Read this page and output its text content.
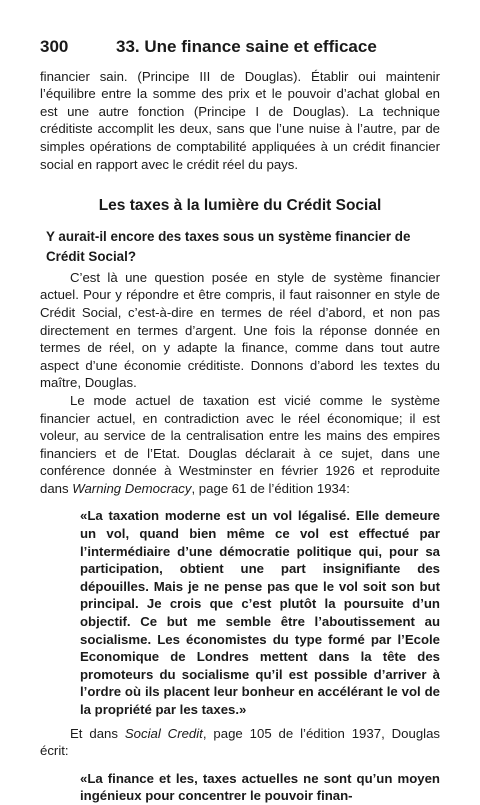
300	33. Une finance saine et efficace

financier sain. (Principe III de Douglas). Établir oui maintenir l’équilibre entre la somme des prix et le pouvoir d’achat global en est une autre fonction (Principe I de Douglas). La technique créditiste accomplit les deux, sans que l’une nuise à l’autre, par de simples opérations de comptabilité appliquées à un crédit financier social en rapport avec le crédit réel du pays.

Les taxes à la lumière du Crédit Social
Y aurait-il encore des taxes sous un système financier de Crédit Social?

C’est là une question posée en style de système financier actuel. Pour y répondre et être compris, il faut raisonner en style de Crédit Social, c’est-à-dire en termes de réel d’abord, et non pas directement en termes d’argent. Une fois la réponse donnée en termes de réel, on y adapte la finance, comme dans tout autre aspect d’une économie créditiste. Donnons d’abord les textes du maître, Douglas.

Le mode actuel de taxation est vicié comme le système financier actuel, en contradiction avec le réel économique; il est voleur, au service de la centralisation entre les mains des empires financiers et de l’Etat. Douglas déclarait à ce sujet, dans une conférence donnée à Westminster en février 1926 et reproduite dans Warning Democracy, page 61 de l’édition 1934:

«La taxation moderne est un vol légalisé. Elle demeure un vol, quand bien même ce vol est effectué par l’intermédiaire d’une démocratie politique qui, pour sa participation, obtient une part insignifiante des dépouilles. Mais je ne pense pas que le vol soit son but principal. Je crois que c’est plutôt la poursuite d’un objectif. Ce but me semble être l’aboutissement au socialisme. Les économistes du type formé par l’Ecole Economique de Londres mettent dans la tête des promoteurs du socialisme qu’il est possible d’arriver à l’ordre où ils placent leur bonheur en accélérant le vol de la propriété par les taxes.»

Et dans Social Credit, page 105 de l’édition 1937, Douglas écrit:

«La finance et les, taxes actuelles ne sont qu’un moyen ingénieux pour concentrer le pouvoir finan-
